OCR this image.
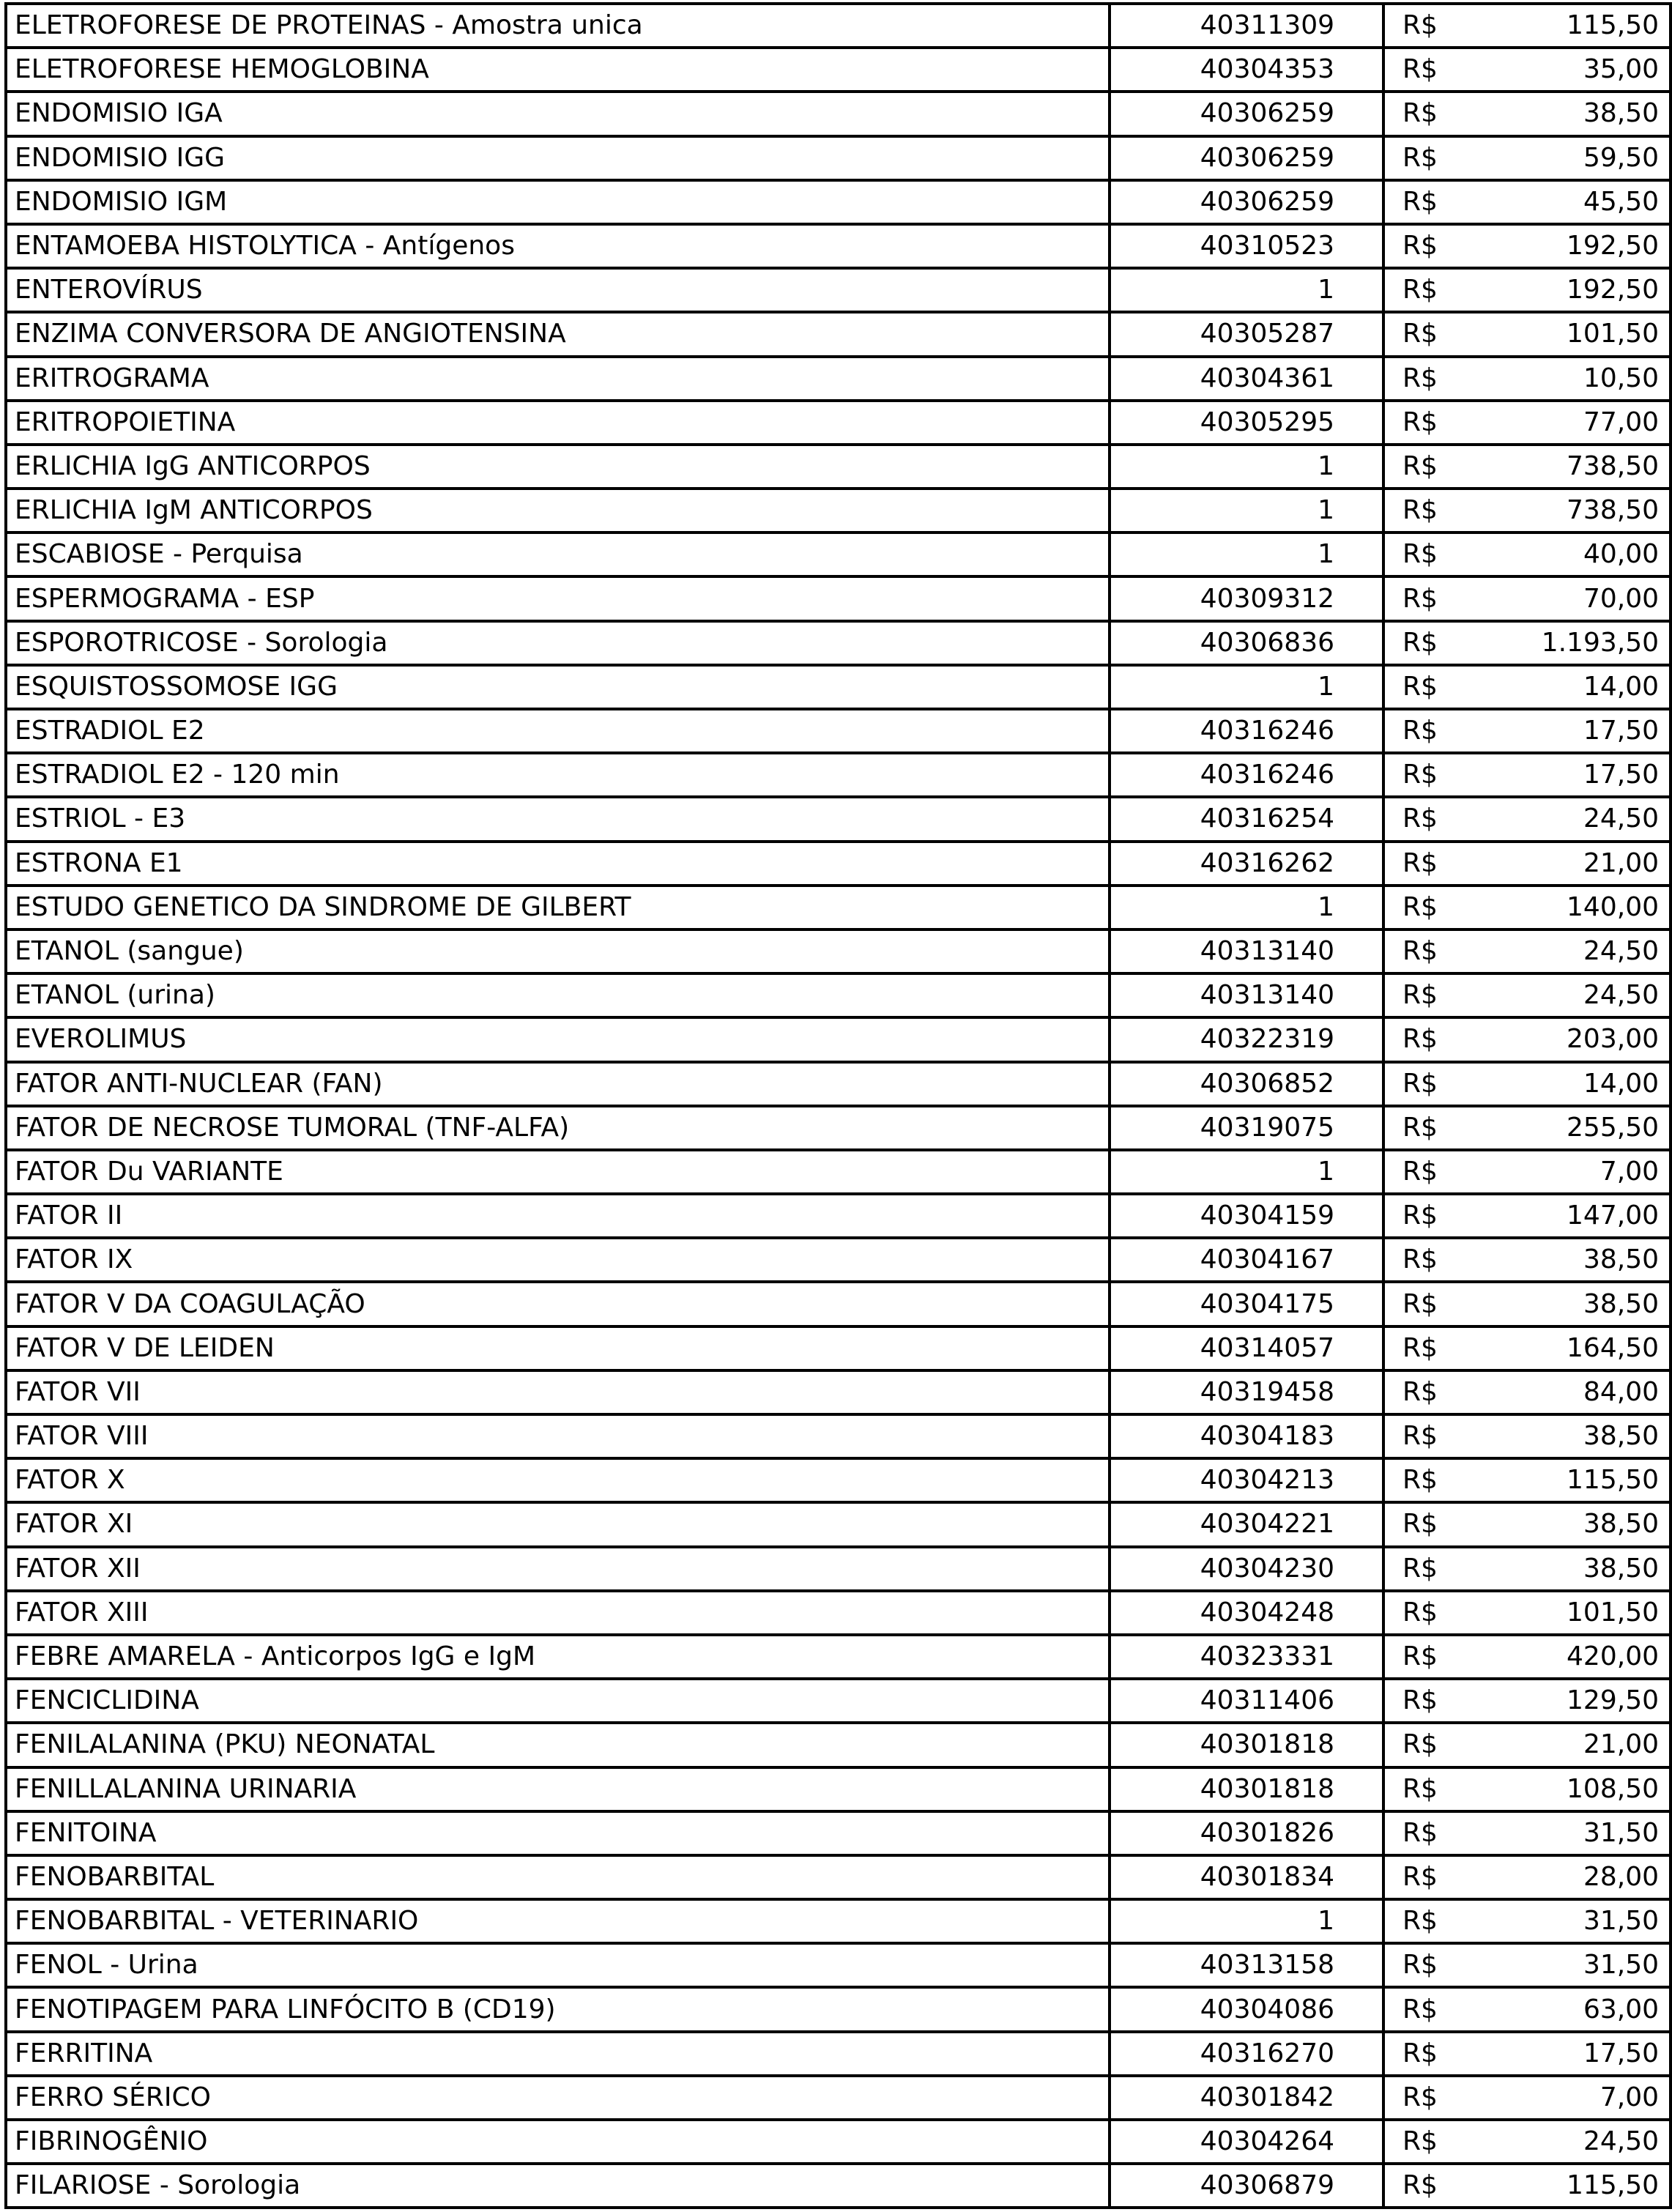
ELETROFORESE DE PROTEINAS - Amostra unica	40311309	R$ 115,50

ELETROFORESE HEMOGLOBINA	40304353	R$ 35,00

ENDOMISIO IGA	40306259	R$ 38,50

ENDOMISIO IGG	40306259	R$ 59,50

ENDOMISIO IGM	40306259	R$ 45,50

ENTAMOEBA HISTOLYTICA - Antígenos	40310523	R$ 192,50

ENTEROVÍRUS	1	R$ 192,50

ENZIMA CONVERSORA DE ANGIOTENSINA	40305287	R$ 101,50

ERITROGRAMA	40304361	R$ 10,50

ERITROPOIETINA	40305295	R$ 77,00

ERLICHIA IgG ANTICORPOS	1	R$ 738,50

ERLICHIA IgM ANTICORPOS	1	R$ 738,50

ESCABIOSE - Perquisa	1	R$ 40,00

ESPERMOGRAMA - ESP	40309312	R$ 70,00

ESPOROTRICOSE - Sorologia	40306836	R$ 1.193,50

ESQUISTOSSOMOSE IGG	1	R$ 14,00

ESTRADIOL E2	40316246	R$ 17,50

ESTRADIOL E2 - 120 min	40316246	R$ 17,50

ESTRIOL - E3	40316254	R$ 24,50

ESTRONA E1	40316262	R$ 21,00

ESTUDO GENETICO DA SINDROME DE GILBERT	1	R$ 140,00

ETANOL (sangue)	40313140	R$ 24,50

ETANOL (urina)	40313140	R$ 24,50

EVEROLIMUS	40322319	R$ 203,00

FATOR ANTI-NUCLEAR (FAN)	40306852	R$ 14,00

FATOR DE NECROSE TUMORAL (TNF-ALFA)	40319075	R$ 255,50

FATOR Du VARIANTE	1	R$ 7,00

FATOR II	40304159	R$ 147,00

FATOR IX	40304167	R$ 38,50

FATOR V DA COAGULAÇÃO	40304175	R$ 38,50

FATOR V DE LEIDEN	40314057	R$ 164,50

FATOR VII	40319458	R$ 84,00

FATOR VIII	40304183	R$ 38,50

FATOR X	40304213	R$ 115,50

FATOR XI	40304221	R$ 38,50

FATOR XII	40304230	R$ 38,50

FATOR XIII	40304248	R$ 101,50

FEBRE AMARELA - Anticorpos IgG e IgM	40323331	R$ 420,00

FENCICLIDINA	40311406	R$ 129,50

FENILALANINA (PKU) NEONATAL	40301818	R$ 21,00

FENILLALANINA URINARIA	40301818	R$ 108,50

FENITOINA	40301826	R$ 31,50

FENOBARBITAL	40301834	R$ 28,00

FENOBARBITAL - VETERINARIO	1	R$ 31,50

FENOL - Urina	40313158	R$ 31,50

FENOTIPAGEM PARA LINFÓCITO B (CD19)	40304086	R$ 63,00

FERRITINA	40316270	R$ 17,50

FERRO SÉRICO	40301842	R$ 7,00

FIBRINOGÊNIO	40304264	R$ 24,50

FILARIOSE - Sorologia	40306879	R$ 115,50
